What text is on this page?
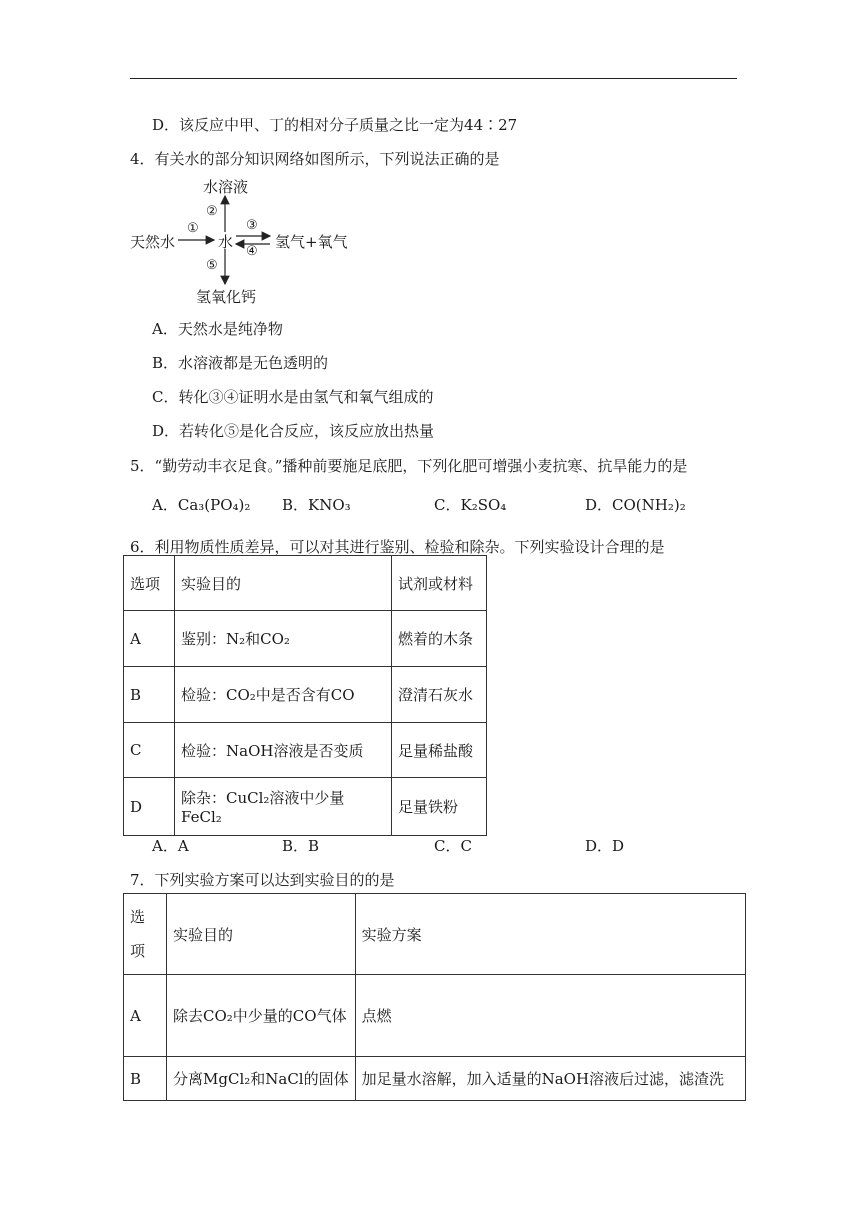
D．该反应中甲、丁的相对分子质量之比一定为44∶27
4．有关水的部分知识网络如图所示，下列说法正确的是
水溶液
天然水	水	氢气+氧气
氢氧化钙
①
②
③
④
⑤
A．天然水是纯净物
B．水溶液都是无色透明的
C．转化③④证明水是由氢气和氧气组成的
D．若转化⑤是化合反应，该反应放出热量
5．“勤劳动丰衣足食。”播种前要施足底肥，下列化肥可增强小麦抗寒、抗旱能力的是
A．Ca₃(PO₄)₂ B．KNO₃	C．K₂SO₄	D．CO(NH₂)₂
6．利用物质性质差异，可以对其进行鉴别、检验和除杂。下列实验设计合理的是
选项	实验目的	试剂或材料
A	鉴别：N₂和CO₂	燃着的木条
B	检验：CO₂中是否含有CO	澄清石灰水
C	检验：NaOH溶液是否变质	足量稀盐酸
D	除杂：CuCl₂溶液中少量FeCl₂	足量铁粉
A．A	B．B	C．C	D．D
7．下列实验方案可以达到实验目的的是
选项	实验目的	实验方案
A	除去CO₂中少量的CO气体	点燃
B	分离MgCl₂和NaCl的固体	加足量水溶解，加入适量的NaOH溶液后过滤，滤渣洗
